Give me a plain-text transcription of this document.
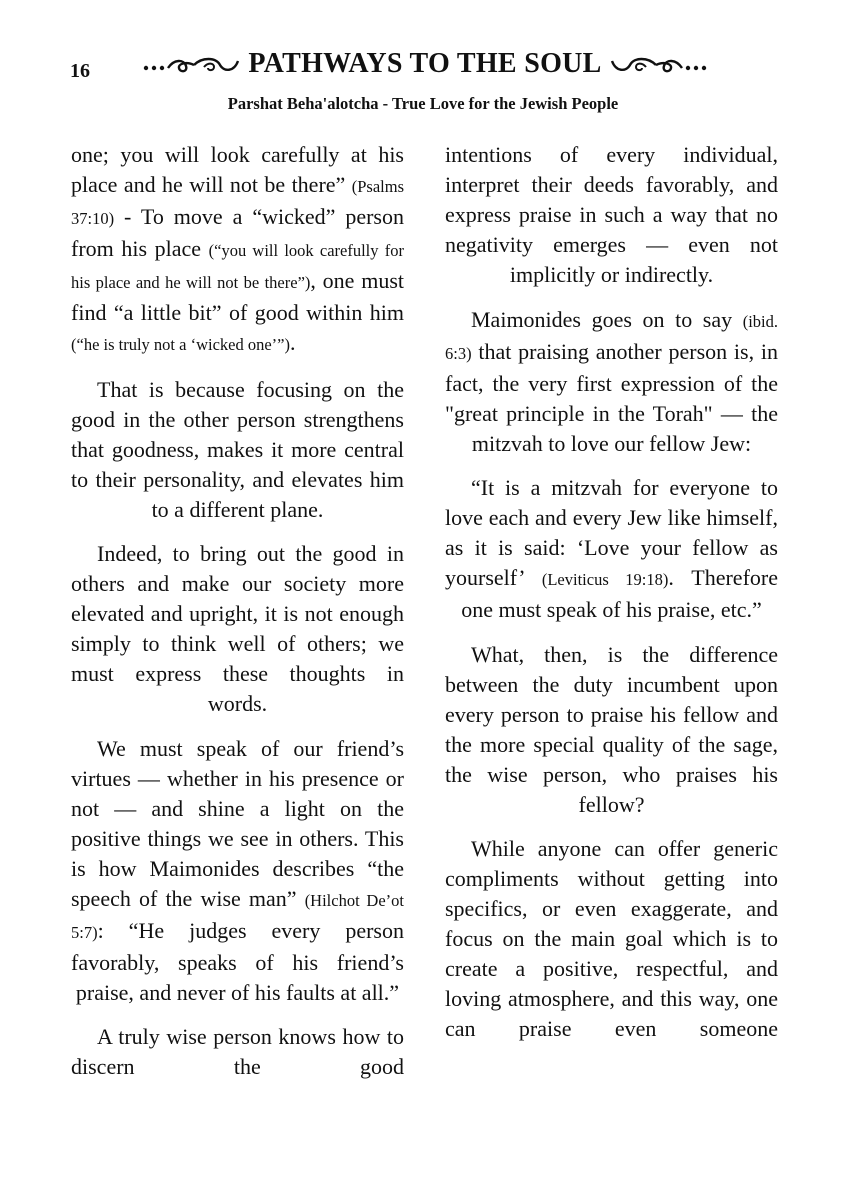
16	PATHWAYS TO THE SOUL
Parshat Beha'alotcha - True Love for the Jewish People

one; you will look carefully at his place and he will not be there” (Psalms 37:10) - To move a “wicked” person from his place (“you will look carefully for his place and he will not be there”), one must find “a little bit” of good within him (“he is truly not a ‘wicked one’”).

That is because focusing on the good in the other person strengthens that goodness, makes it more central to their personality, and elevates him to a different plane.

Indeed, to bring out the good in others and make our society more elevated and upright, it is not enough simply to think well of others; we must express these thoughts in words.

We must speak of our friend’s virtues — whether in his presence or not — and shine a light on the positive things we see in others. This is how Maimonides describes “the speech of the wise man” (Hilchot De’ot 5:7): “He judges every person favorably, speaks of his friend’s praise, and never of his faults at all.”

A truly wise person knows how to discern the good

intentions of every individual, interpret their deeds favorably, and express praise in such a way that no negativity emerges — even not implicitly or indirectly.

Maimonides goes on to say (ibid. 6:3) that praising another person is, in fact, the very first expression of the "great principle in the Torah" — the mitzvah to love our fellow Jew:

“It is a mitzvah for everyone to love each and every Jew like himself, as it is said: ‘Love your fellow as yourself’ (Leviticus 19:18). Therefore one must speak of his praise, etc.”

What, then, is the difference between the duty incumbent upon every person to praise his fellow and the more special quality of the sage, the wise person, who praises his fellow?

While anyone can offer generic compliments without getting into specifics, or even exaggerate, and focus on the main goal which is to create a positive, respectful, and loving atmosphere, and this way, one can praise even someone
